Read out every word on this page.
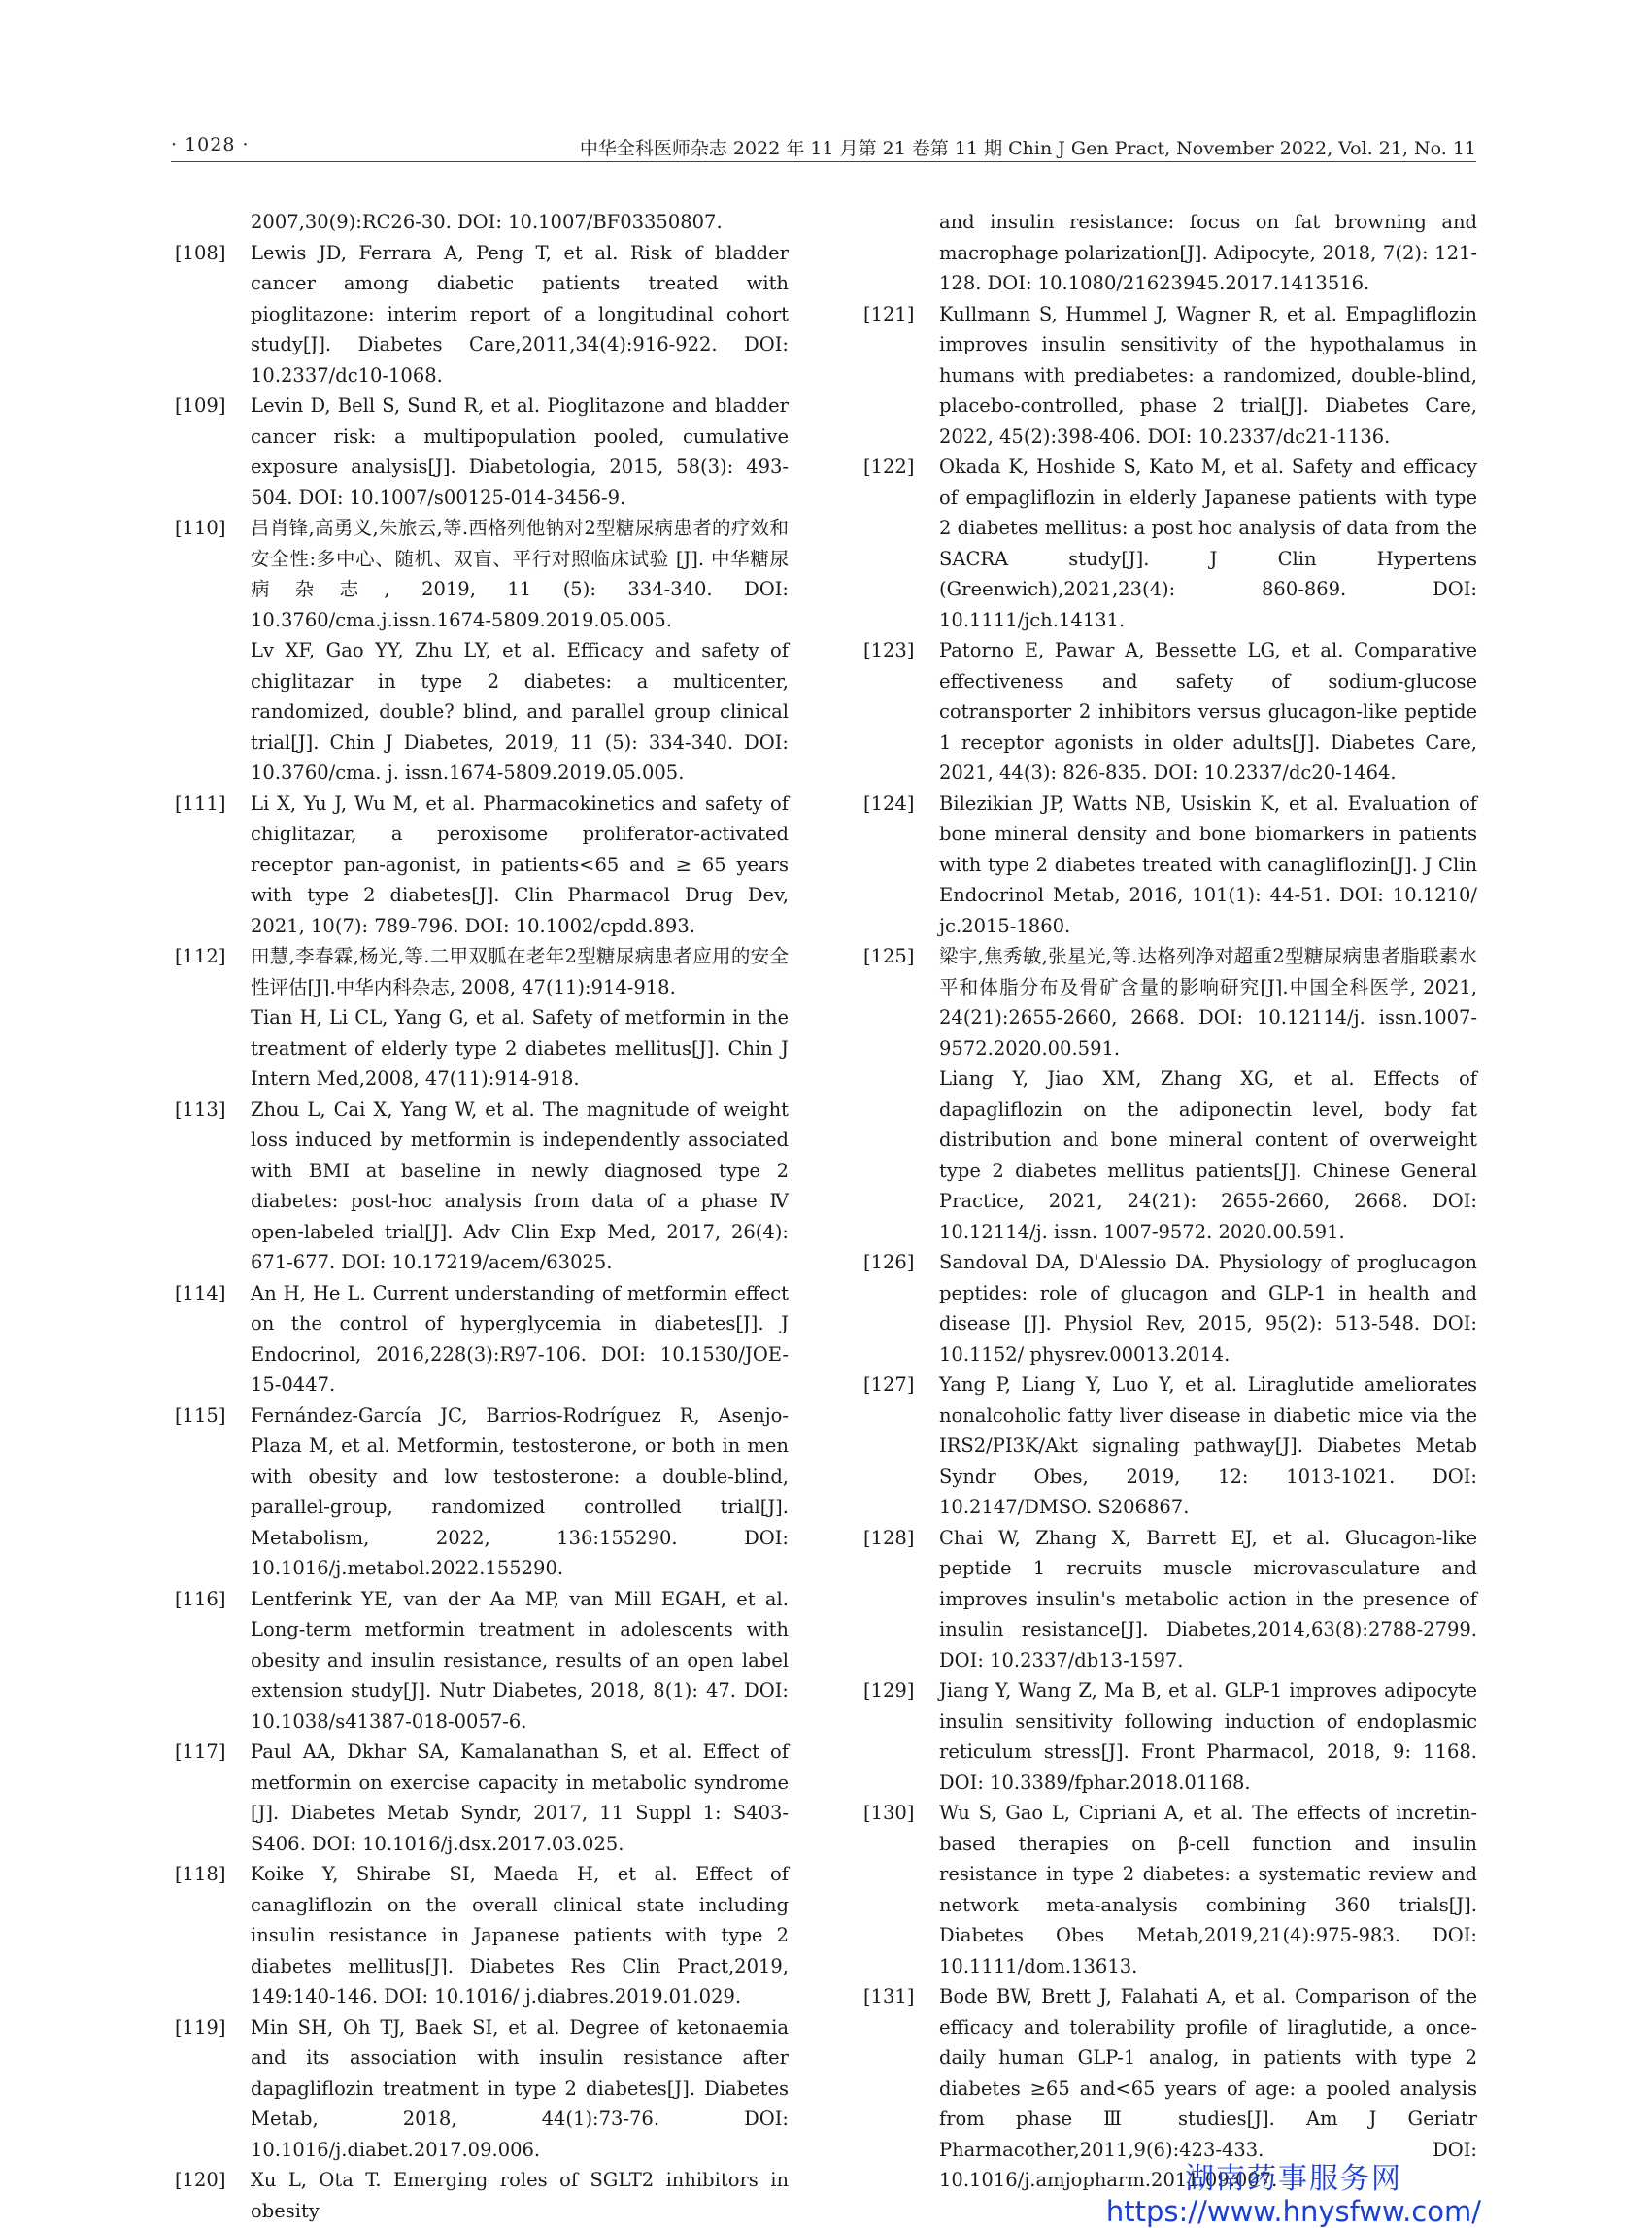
· 1028 ·	中华全科医师杂志 2022 年 11 月第 21 卷第 11 期 Chin J Gen Pract, November 2022, Vol. 21, No. 11
2007,30(9):RC26-30. DOI: 10.1007/BF03350807.
[108]	Lewis JD, Ferrara A, Peng T, et al. Risk of bladder cancer among diabetic patients treated with pioglitazone: interim report of a longitudinal cohort study[J]. Diabetes Care,2011,34(4):916-922. DOI: 10.2337/dc10-1068.
[109]	Levin D, Bell S, Sund R, et al. Pioglitazone and bladder cancer risk: a multipopulation pooled, cumulative exposure analysis[J]. Diabetologia, 2015, 58(3): 493-504. DOI: 10.1007/s00125-014-3456-9.
[110]	吕肖锋,高勇义,朱旅云,等.西格列他钠对2型糖尿病患者的疗效和安全性:多中心、随机、双盲、平行对照临床试验 [J]. 中华糖尿病杂志, 2019, 11 (5): 334-340. DOI: 10.3760/cma.j.issn.1674-5809.2019.05.005.
Lv XF, Gao YY, Zhu LY, et al. Efficacy and safety of chiglitazar in type 2 diabetes: a multicenter, randomized, double? blind, and parallel group clinical trial[J]. Chin J Diabetes, 2019, 11 (5): 334-340. DOI: 10.3760/cma. j. issn.1674-5809.2019.05.005.
[111]	Li X, Yu J, Wu M, et al. Pharmacokinetics and safety of chiglitazar, a peroxisome proliferator-activated receptor pan-agonist, in patients<65 and ≥ 65 years with type 2 diabetes[J]. Clin Pharmacol Drug Dev, 2021, 10(7): 789-796. DOI: 10.1002/cpdd.893.
[112]	田慧,李春霖,杨光,等.二甲双胍在老年2型糖尿病患者应用的安全性评估[J].中华内科杂志, 2008, 47(11):914-918.
Tian H, Li CL, Yang G, et al. Safety of metformin in the treatment of elderly type 2 diabetes mellitus[J]. Chin J Intern Med,2008, 47(11):914-918.
[113]	Zhou L, Cai X, Yang W, et al. The magnitude of weight loss induced by metformin is independently associated with BMI at baseline in newly diagnosed type 2 diabetes: post-hoc analysis from data of a phase Ⅳ open-labeled trial[J]. Adv Clin Exp Med, 2017, 26(4): 671-677. DOI: 10.17219/acem/63025.
[114]	An H, He L. Current understanding of metformin effect on the control of hyperglycemia in diabetes[J]. J Endocrinol, 2016,228(3):R97-106. DOI: 10.1530/JOE-15-0447.
[115]	Fernández-García JC, Barrios-Rodríguez R, Asenjo-Plaza M, et al. Metformin, testosterone, or both in men with obesity and low testosterone: a double-blind, parallel-group, randomized controlled trial[J]. Metabolism, 2022, 136:155290. DOI: 10.1016/j.metabol.2022.155290.
[116]	Lentferink YE, van der Aa MP, van Mill EGAH, et al. Long-term metformin treatment in adolescents with obesity and insulin resistance, results of an open label extension study[J]. Nutr Diabetes, 2018, 8(1): 47. DOI: 10.1038/s41387-018-0057-6.
[117]	Paul AA, Dkhar SA, Kamalanathan S, et al. Effect of metformin on exercise capacity in metabolic syndrome [J]. Diabetes Metab Syndr, 2017, 11 Suppl 1: S403-S406. DOI: 10.1016/j.dsx.2017.03.025.
[118]	Koike Y, Shirabe SI, Maeda H, et al. Effect of canagliflozin on the overall clinical state including insulin resistance in Japanese patients with type 2 diabetes mellitus[J]. Diabetes Res Clin Pract,2019, 149:140-146. DOI: 10.1016/ j.diabres.2019.01.029.
[119]	Min SH, Oh TJ, Baek SI, et al. Degree of ketonaemia and its association with insulin resistance after dapagliflozin treatment in type 2 diabetes[J]. Diabetes Metab, 2018, 44(1):73-76. DOI: 10.1016/j.diabet.2017.09.006.
[120]	Xu L, Ota T. Emerging roles of SGLT2 inhibitors in obesity
and insulin resistance: focus on fat browning and macrophage polarization[J]. Adipocyte, 2018, 7(2): 121-128. DOI: 10.1080/21623945.2017.1413516.
[121]	Kullmann S, Hummel J, Wagner R, et al. Empagliflozin improves insulin sensitivity of the hypothalamus in humans with prediabetes: a randomized, double-blind, placebo-controlled, phase 2 trial[J]. Diabetes Care, 2022, 45(2):398-406. DOI: 10.2337/dc21-1136.
[122]	Okada K, Hoshide S, Kato M, et al. Safety and efficacy of empagliflozin in elderly Japanese patients with type 2 diabetes mellitus: a post hoc analysis of data from the SACRA study[J]. J Clin Hypertens (Greenwich),2021,23(4): 860-869. DOI: 10.1111/jch.14131.
[123]	Patorno E, Pawar A, Bessette LG, et al. Comparative effectiveness and safety of sodium-glucose cotransporter 2 inhibitors versus glucagon-like peptide 1 receptor agonists in older adults[J]. Diabetes Care, 2021, 44(3): 826-835. DOI: 10.2337/dc20-1464.
[124]	Bilezikian JP, Watts NB, Usiskin K, et al. Evaluation of bone mineral density and bone biomarkers in patients with type 2 diabetes treated with canagliflozin[J]. J Clin Endocrinol Metab, 2016, 101(1): 44-51. DOI: 10.1210/ jc.2015-1860.
[125]	梁宇,焦秀敏,张星光,等.达格列净对超重2型糖尿病患者脂联素水平和体脂分布及骨矿含量的影响研究[J].中国全科医学, 2021, 24(21):2655-2660, 2668. DOI: 10.12114/j. issn.1007-9572.2020.00.591.
Liang Y, Jiao XM, Zhang XG, et al. Effects of dapagliflozin on the adiponectin level, body fat distribution and bone mineral content of overweight type 2 diabetes mellitus patients[J]. Chinese General Practice, 2021, 24(21): 2655-2660, 2668. DOI: 10.12114/j. issn. 1007-9572. 2020.00.591.
[126]	Sandoval DA, D'Alessio DA. Physiology of proglucagon peptides: role of glucagon and GLP-1 in health and disease [J]. Physiol Rev, 2015, 95(2): 513-548. DOI: 10.1152/ physrev.00013.2014.
[127]	Yang P, Liang Y, Luo Y, et al. Liraglutide ameliorates nonalcoholic fatty liver disease in diabetic mice via the IRS2/PI3K/Akt signaling pathway[J]. Diabetes Metab Syndr Obes, 2019, 12: 1013-1021. DOI: 10.2147/DMSO. S206867.
[128]	Chai W, Zhang X, Barrett EJ, et al. Glucagon-like peptide 1 recruits muscle microvasculature and improves insulin's metabolic action in the presence of insulin resistance[J]. Diabetes,2014,63(8):2788-2799. DOI: 10.2337/db13-1597.
[129]	Jiang Y, Wang Z, Ma B, et al. GLP-1 improves adipocyte insulin sensitivity following induction of endoplasmic reticulum stress[J]. Front Pharmacol, 2018, 9: 1168. DOI: 10.3389/fphar.2018.01168.
[130]	Wu S, Gao L, Cipriani A, et al. The effects of incretin-based therapies on β-cell function and insulin resistance in type 2 diabetes: a systematic review and network meta-analysis combining 360 trials[J]. Diabetes Obes Metab,2019,21(4):975-983. DOI: 10.1111/dom.13613.
[131]	Bode BW, Brett J, Falahati A, et al. Comparison of the efficacy and tolerability profile of liraglutide, a once-daily human GLP-1 analog, in patients with type 2 diabetes ≥65 and<65 years of age: a pooled analysis from phase Ⅲ studies[J]. Am J Geriatr Pharmacother,2011,9(6):423-433. DOI: 10.1016/j.amjopharm.2011.09.007.
湖南药事服务网
https://www.hnysfww.com/
